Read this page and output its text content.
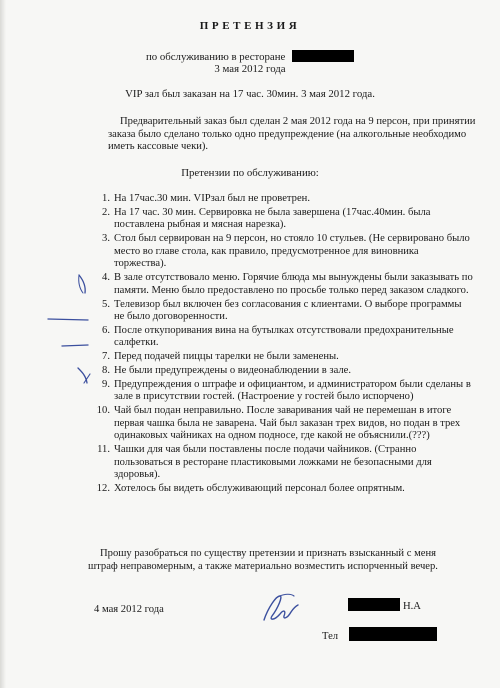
ПРЕТЕНЗИЯ
по обслуживанию в ресторане
3 мая 2012 года
VIP зал был заказан на 17 час. 30мин. 3 мая 2012 года.
Предварительный заказ был сделан 2 мая 2012 года на 9 персон, при принятии заказа было сделано только одно предупреждение (на алкогольные необходимо иметь кассовые чеки).
Претензии по обслуживанию:
1. На 17час.30 мин. VIPзал был не проветрен.
2. На 17 час. 30 мин. Сервировка не была завершена (17час.40мин. была поставлена рыбная и мясная нарезка).
3. Стол был сервирован на 9 персон, но стояло 10 стульев. (Не сервировано было место во главе стола, как правило, предусмотренное для виновника торжества).
4. В зале отсутствовало меню. Горячие блюда мы вынуждены были заказывать по памяти. Меню было предоставлено по просьбе только перед заказом сладкого.
5. Телевизор был включен без согласования с клиентами. О выборе программы не было договоренности.
6. После откупоривания вина на бутылках отсутствовали предохранительные салфетки.
7. Перед подачей пиццы тарелки не были заменены.
8. Не были предупреждены о видеонаблюдении в зале.
9. Предупреждения о штрафе и официантом, и администратором были сделаны в зале в присутствии гостей. (Настроение у гостей было испорчено)
10. Чай был подан неправильно. После заваривания чай не перемешан в итоге первая чашка была не заварена. Чай был заказан трех видов, но подан в трех одинаковых чайниках на одном подносе, где какой не объяснили.(???)
11. Чашки для чая были поставлены после подачи чайников. (Странно пользоваться в ресторане пластиковыми ложками не безопасными для здоровья).
12. Хотелось бы видеть обслуживающий персонал более опрятным.
Прошу разобраться по существу претензии и признать взысканный с меня штраф неправомерным, а также материально возместить испорченный вечер.
4 мая 2012 года	Н.А
Тел
